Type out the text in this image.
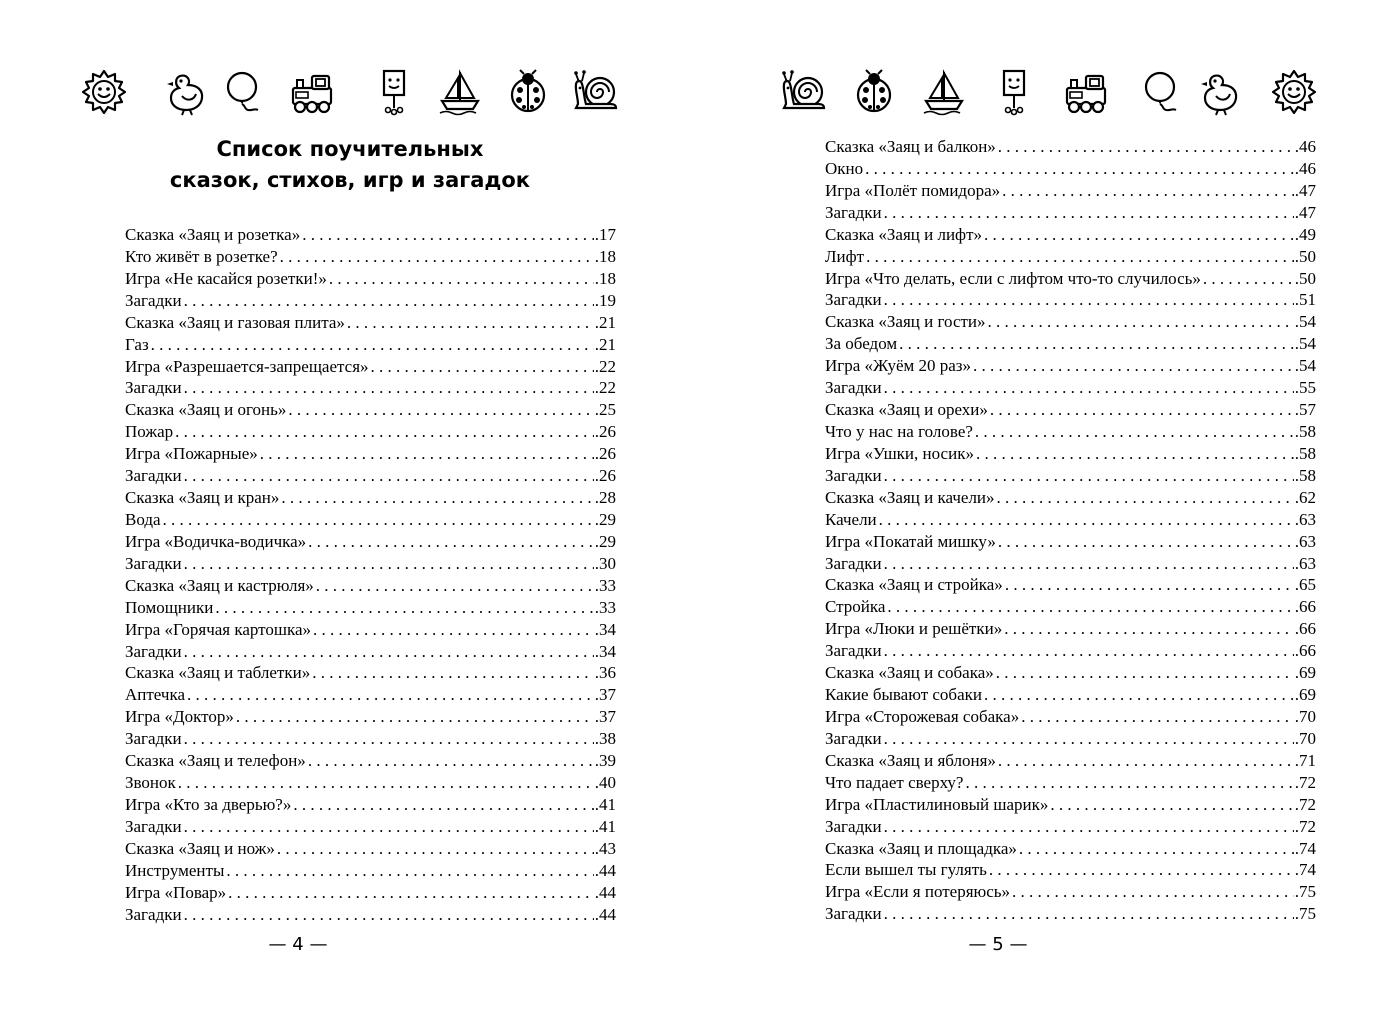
Список поучительных
сказок, стихов, игр и загадок
Сказка «Заяц и розетка» . . .	.17
Кто живёт в розетке? . . .	.18
Игра «Не касайся розетки!» . . .	.18
Загадки . . .	.19
Сказка «Заяц и газовая плита» . . .	.21
Газ . . .	.21
Игра «Разрешается-запрещается» . . .	.22
Загадки . . .	.22
Сказка «Заяц и огонь» . . .	.25
Пожар . . .	.26
Игра «Пожарные» . . .	.26
Загадки . . .	.26
Сказка «Заяц и кран» . . .	.28
Вода . . .	.29
Игра «Водичка-водичка» . . .	.29
Загадки . . .	.30
Сказка «Заяц и кастрюля» . . .	.33
Помощники . . .	.33
Игра «Горячая картошка» . . .	.34
Загадки . . .	.34
Сказка «Заяц и таблетки» . . .	.36
Аптечка . . .	.37
Игра «Доктор» . . .	.37
Загадки . . .	.38
Сказка «Заяц и телефон» . . .	.39
Звонок . . .	.40
Игра «Кто за дверью?» . . .	.41
Загадки . . .	.41
Сказка «Заяц и нож» . . .	.43
Инструменты . . .	.44
Игра «Повар» . . .	.44
Загадки . . .	.44
— 4 —
Сказка «Заяц и балкон» . . .	.46
Окно . . .	.46
Игра «Полёт помидора» . . .	.47
Загадки . . .	.47
Сказка «Заяц и лифт» . . .	.49
Лифт . . .	.50
Игра «Что делать, если с лифтом что-то случилось» . . .	.50
Загадки . . .	.51
Сказка «Заяц и гости» . . .	.54
За обедом . . .	.54
Игра «Жуём 20 раз» . . .	.54
Загадки . . .	.55
Сказка «Заяц и орехи» . . .	.57
Что у нас на голове? . . .	.58
Игра «Ушки, носик» . . .	.58
Загадки . . .	.58
Сказка «Заяц и качели» . . .	.62
Качели . . .	.63
Игра «Покатай мишку» . . .	.63
Загадки . . .	.63
Сказка «Заяц и стройка» . . .	.65
Стройка . . .	.66
Игра «Люки и решётки» . . .	.66
Загадки . . .	.66
Сказка «Заяц и собака» . . .	.69
Какие бывают собаки . . .	.69
Игра «Сторожевая собака» . . .	.70
Загадки . . .	.70
Сказка «Заяц и яблоня» . . .	.71
Что падает сверху? . . .	.72
Игра «Пластилиновый шарик» . . .	.72
Загадки . . .	.72
Сказка «Заяц и площадка» . . .	.74
Если вышел ты гулять . . .	.74
Игра «Если я потеряюсь» . . .	.75
Загадки . . .	.75
— 5 —
